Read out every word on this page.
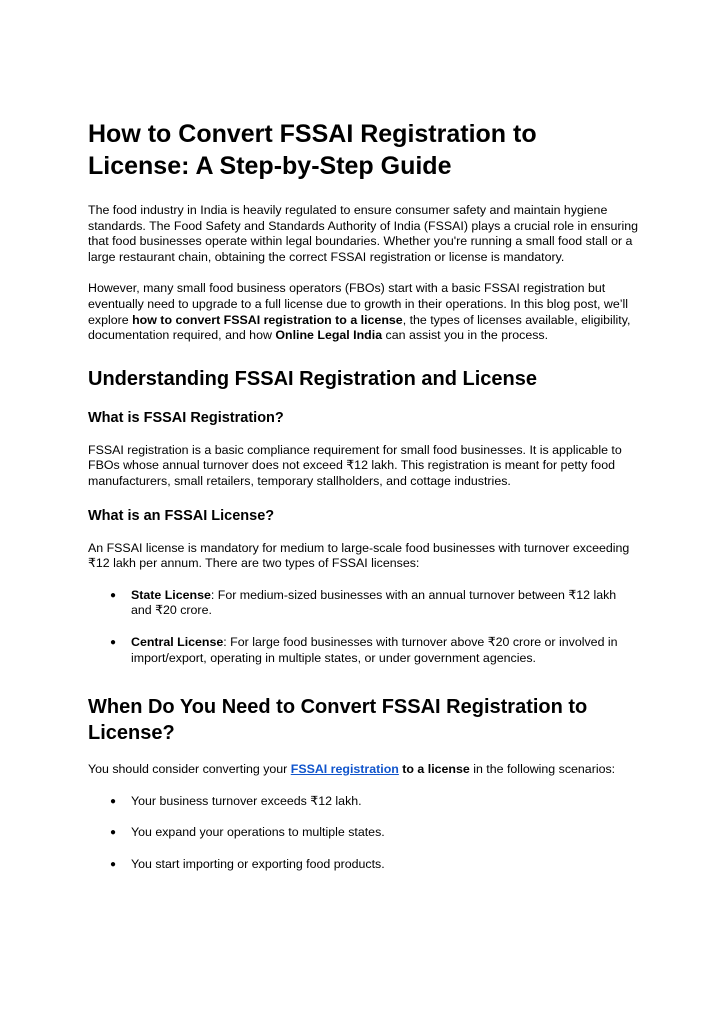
How to Convert FSSAI Registration to License: A Step-by-Step Guide

The food industry in India is heavily regulated to ensure consumer safety and maintain hygiene standards. The Food Safety and Standards Authority of India (FSSAI) plays a crucial role in ensuring that food businesses operate within legal boundaries. Whether you're running a small food stall or a large restaurant chain, obtaining the correct FSSAI registration or license is mandatory.

However, many small food business operators (FBOs) start with a basic FSSAI registration but eventually need to upgrade to a full license due to growth in their operations. In this blog post, we’ll explore how to convert FSSAI registration to a license, the types of licenses available, eligibility, documentation required, and how Online Legal India can assist you in the process.

Understanding FSSAI Registration and License
What is FSSAI Registration?

FSSAI registration is a basic compliance requirement for small food businesses. It is applicable to FBOs whose annual turnover does not exceed ₹12 lakh. This registration is meant for petty food manufacturers, small retailers, temporary stallholders, and cottage industries.

What is an FSSAI License?

An FSSAI license is mandatory for medium to large-scale food businesses with turnover exceeding ₹12 lakh per annum. There are two types of FSSAI licenses:

● State License: For medium-sized businesses with an annual turnover between ₹12 lakh and ₹20 crore.
● Central License: For large food businesses with turnover above ₹20 crore or involved in import/export, operating in multiple states, or under government agencies.
When Do You Need to Convert FSSAI Registration to License?

You should consider converting your FSSAI registration to a license in the following scenarios:

● Your business turnover exceeds ₹12 lakh.
● You expand your operations to multiple states.
● You start importing or exporting food products.
